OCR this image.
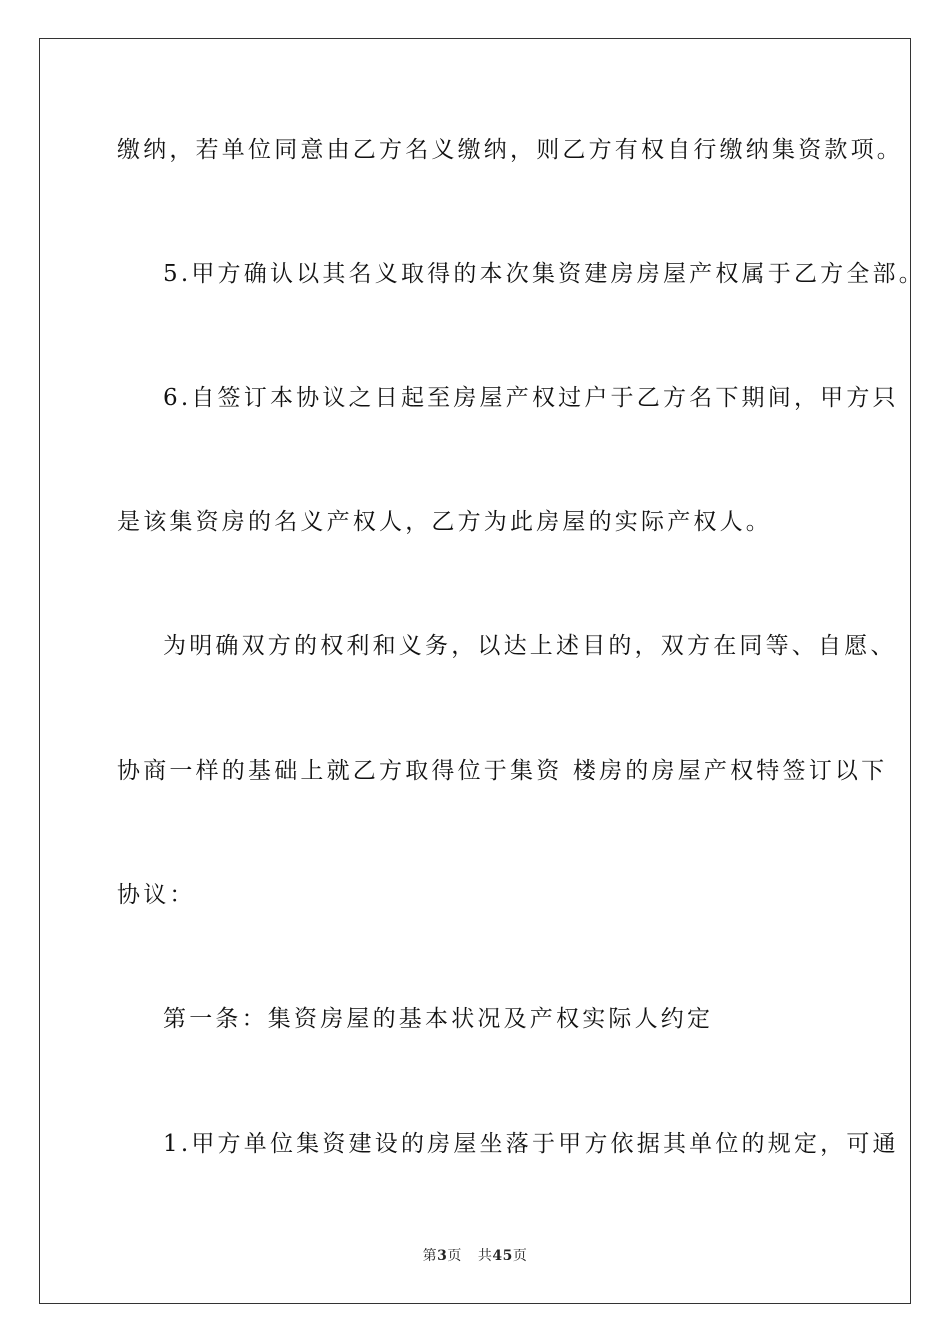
缴纳，若单位同意由乙方名义缴纳，则乙方有权自行缴纳集资款项。
5.甲方确认以其名义取得的本次集资建房房屋产权属于乙方全部。
6.自签订本协议之日起至房屋产权过户于乙方名下期间，甲方只
是该集资房的名义产权人，乙方为此房屋的实际产权人。
为明确双方的权利和义务，以达上述目的，双方在同等、自愿、
协商一样的基础上就乙方取得位于集资 楼房的房屋产权特签订以下
协议：
第一条：集资房屋的基本状况及产权实际人约定
1.甲方单位集资建设的房屋坐落于甲方依据其单位的规定，可通
第3页 共45页
